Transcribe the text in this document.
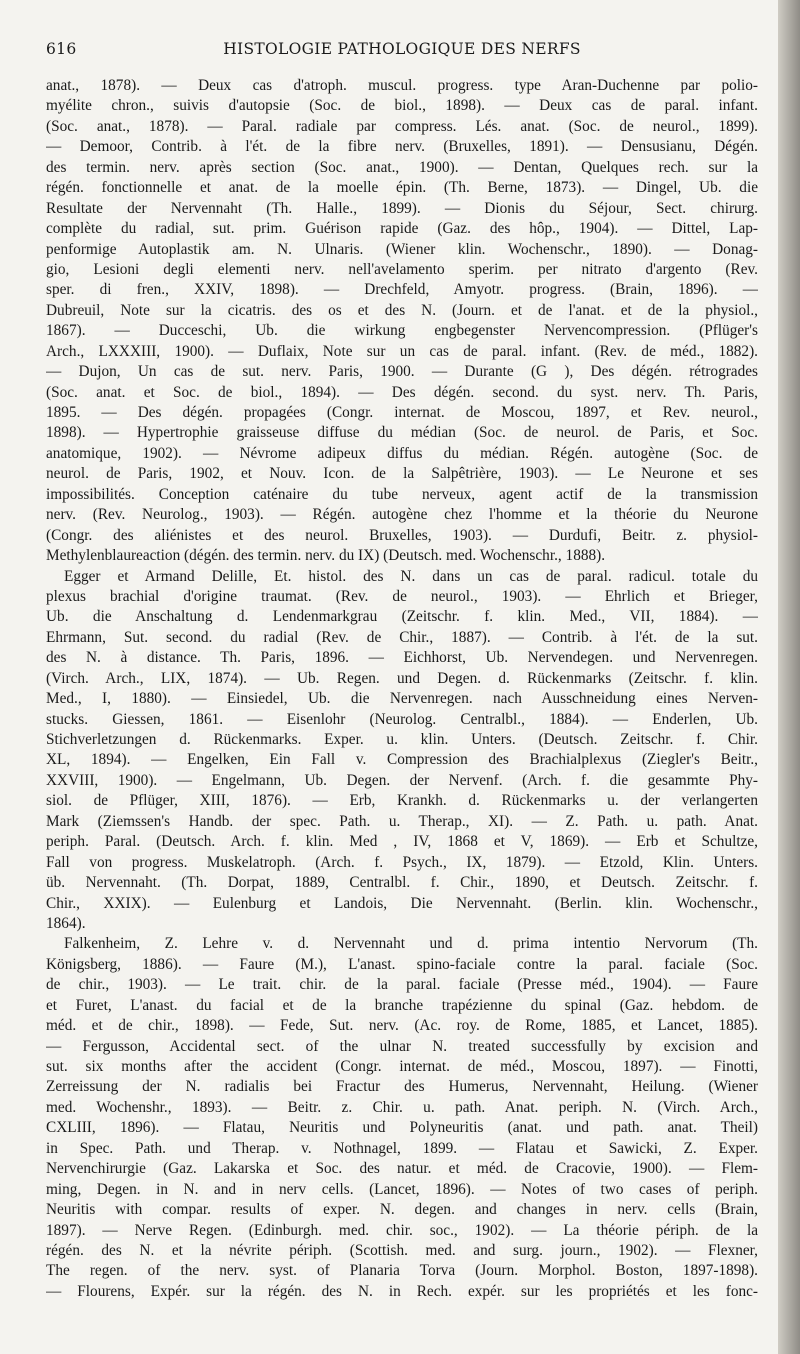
616	HISTOLOGIE PATHOLOGIQUE DES NERFS
anat., 1878). — Deux cas d'atroph. muscul. progress. type Aran-Duchenne par polio-
myélite chron., suivis d'autopsie (Soc. de biol., 1898). — Deux cas de paral. infant.
(Soc. anat., 1878). — Paral. radiale par compress. Lés. anat. (Soc. de neurol., 1899).
— Demoor, Contrib. à l'ét. de la fibre nerv. (Bruxelles, 1891). — Densusianu, Dégén.
des termin. nerv. après section (Soc. anat., 1900). — Dentan, Quelques rech. sur la
régén. fonctionnelle et anat. de la moelle épin. (Th. Berne, 1873). — Dingel, Ub. die
Resultate der Nervennaht (Th. Halle., 1899). — Dionis du Séjour, Sect. chirurg.
complète du radial, sut. prim. Guérison rapide (Gaz. des hôp., 1904). — Dittel, Lap-
penformige Autoplastik am. N. Ulnaris. (Wiener klin. Wochenschr., 1890). — Donag-
gio, Lesioni degli elementi nerv. nell'avelamento sperim. per nitrato d'argento (Rev.
sper. di fren., XXIV, 1898). — Drechfeld, Amyotr. progress. (Brain, 1896). —
Dubreuil, Note sur la cicatris. des os et des N. (Journ. et de l'anat. et de la physiol.,
1867). — Ducceschi, Ub. die wirkung engbegenster Nervencompression. (Pflüger's
Arch., LXXXIII, 1900). — Duflaix, Note sur un cas de paral. infant. (Rev. de méd., 1882).
— Dujon, Un cas de sut. nerv. Paris, 1900. — Durante (G ), Des dégén. rétrogrades
(Soc. anat. et Soc. de biol., 1894). — Des dégén. second. du syst. nerv. Th. Paris,
1895. — Des dégén. propagées (Congr. internat. de Moscou, 1897, et Rev. neurol.,
1898). — Hypertrophie graisseuse diffuse du médian (Soc. de neurol. de Paris, et Soc.
anatomique, 1902). — Névrome adipeux diffus du médian. Régén. autogène (Soc. de
neurol. de Paris, 1902, et Nouv. Icon. de la Salpêtrière, 1903). — Le Neurone et ses
impossibilités. Conception caténaire du tube nerveux, agent actif de la transmission
nerv. (Rev. Neurolog., 1903). — Régén. autogène chez l'homme et la théorie du Neurone
(Congr. des aliénistes et des neurol. Bruxelles, 1903). — Durdufi, Beitr. z. physiol-
Methylenblaureaction (dégén. des termin. nerv. du IX) (Deutsch. med. Wochenschr., 1888).
Egger et Armand Delille, Et. histol. des N. dans un cas de paral. radicul. totale du
plexus brachial d'origine traumat. (Rev. de neurol., 1903). — Ehrlich et Brieger,
Ub. die Anschaltung d. Lendenmarkgrau (Zeitschr. f. klin. Med., VII, 1884). —
Ehrmann, Sut. second. du radial (Rev. de Chir., 1887). — Contrib. à l'ét. de la sut.
des N. à distance. Th. Paris, 1896. — Eichhorst, Ub. Nervendegen. und Nervenregen.
(Virch. Arch., LIX, 1874). — Ub. Regen. und Degen. d. Rückenmarks (Zeitschr. f. klin.
Med., I, 1880). — Einsiedel, Ub. die Nervenregen. nach Ausschneidung eines Nerven-
stucks. Giessen, 1861. — Eisenlohr (Neurolog. Centralbl., 1884). — Enderlen, Ub.
Stichverletzungen d. Rückenmarks. Exper. u. klin. Unters. (Deutsch. Zeitschr. f. Chir.
XL, 1894). — Engelken, Ein Fall v. Compression des Brachialplexus (Ziegler's Beitr.,
XXVIII, 1900). — Engelmann, Ub. Degen. der Nervenf. (Arch. f. die gesammte Phy-
siol. de Pflüger, XIII, 1876). — Erb, Krankh. d. Rückenmarks u. der verlangerten
Mark (Ziemssen's Handb. der spec. Path. u. Therap., XI). — Z. Path. u. path. Anat.
periph. Paral. (Deutsch. Arch. f. klin. Med , IV, 1868 et V, 1869). — Erb et Schultze,
Fall von progress. Muskelatroph. (Arch. f. Psych., IX, 1879). — Etzold, Klin. Unters.
üb. Nervennaht. (Th. Dorpat, 1889, Centralbl. f. Chir., 1890, et Deutsch. Zeitschr. f.
Chir., XXIX). — Eulenburg et Landois, Die Nervennaht. (Berlin. klin. Wochenschr.,
1864).
Falkenheim, Z. Lehre v. d. Nervennaht und d. prima intentio Nervorum (Th.
Königsberg, 1886). — Faure (M.), L'anast. spino-faciale contre la paral. faciale (Soc.
de chir., 1903). — Le trait. chir. de la paral. faciale (Presse méd., 1904). — Faure
et Furet, L'anast. du facial et de la branche trapézienne du spinal (Gaz. hebdom. de
méd. et de chir., 1898). — Fede, Sut. nerv. (Ac. roy. de Rome, 1885, et Lancet, 1885).
— Fergusson, Accidental sect. of the ulnar N. treated successfully by excision and
sut. six months after the accident (Congr. internat. de méd., Moscou, 1897). — Finotti,
Zerreissung der N. radialis bei Fractur des Humerus, Nervennaht, Heilung. (Wiener
med. Wochenshr., 1893). — Beitr. z. Chir. u. path. Anat. periph. N. (Virch. Arch.,
CXLIII, 1896). — Flatau, Neuritis und Polyneuritis (anat. und path. anat. Theil)
in Spec. Path. und Therap. v. Nothnagel, 1899. — Flatau et Sawicki, Z. Exper.
Nervenchirurgie (Gaz. Lakarska et Soc. des natur. et méd. de Cracovie, 1900). — Flem-
ming, Degen. in N. and in nerv cells. (Lancet, 1896). — Notes of two cases of periph.
Neuritis with compar. results of exper. N. degen. and changes in nerv. cells (Brain,
1897). — Nerve Regen. (Edinburgh. med. chir. soc., 1902). — La théorie périph. de la
régén. des N. et la névrite périph. (Scottish. med. and surg. journ., 1902). — Flexner,
The regen. of the nerv. syst. of Planaria Torva (Journ. Morphol. Boston, 1897-1898).
— Flourens, Expér. sur la régén. des N. in Rech. expér. sur les propriétés et les fonc-
